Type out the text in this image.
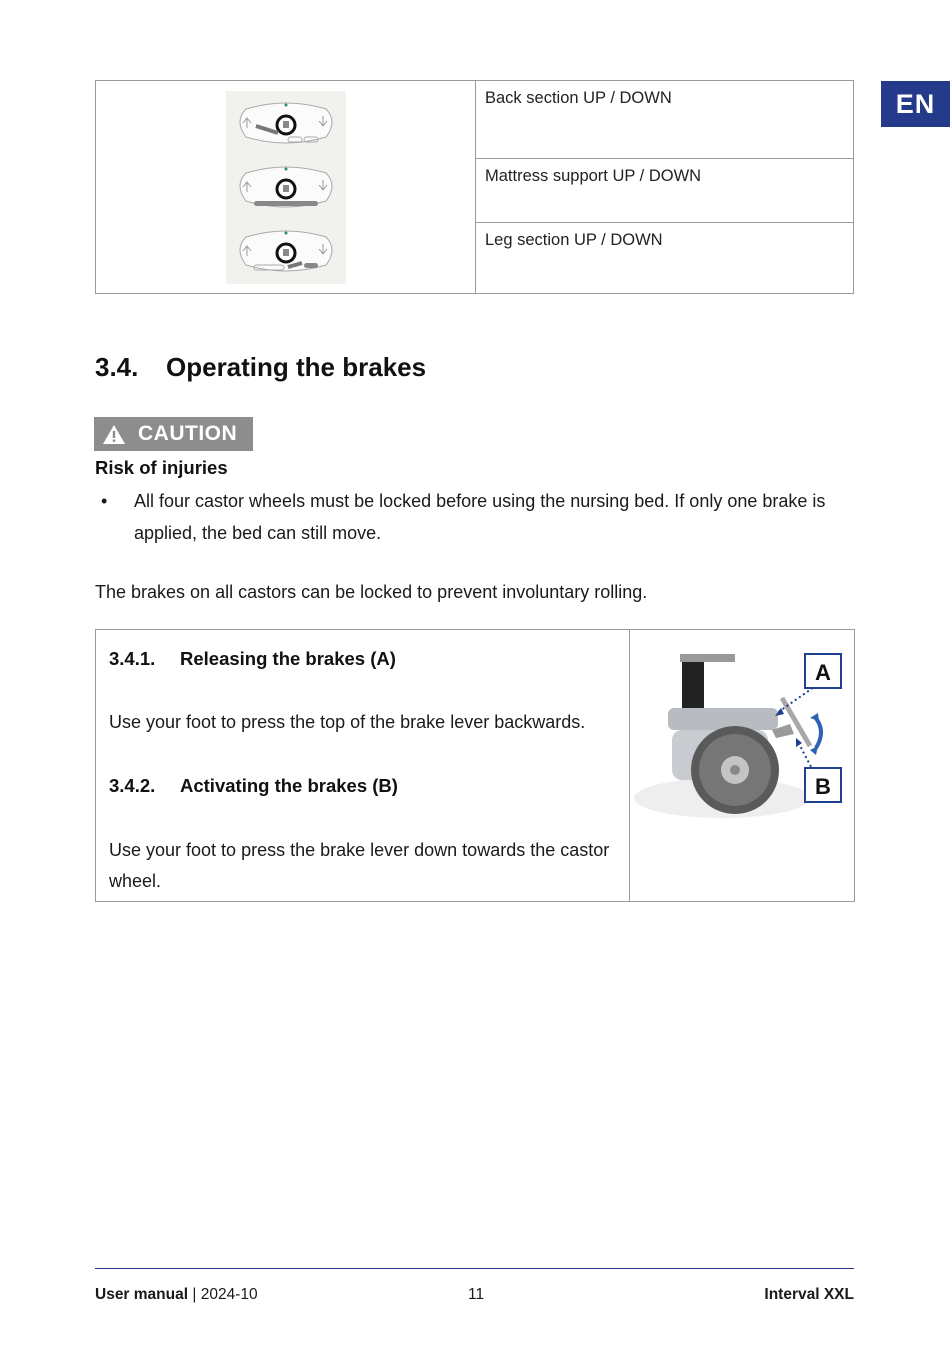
EN
Back section UP / DOWN
Mattress support UP / DOWN
Leg section UP / DOWN
3.4. Operating the brakes
CAUTION
Risk of injuries
• All four castor wheels must be locked before using the nursing bed. If only one brake is applied, the bed can still move.
The brakes on all castors can be locked to prevent involuntary rolling.
3.4.1. Releasing the brakes (A)
Use your foot to press the top of the brake lever backwards.
3.4.2. Activating the brakes (B)
Use your foot to press the brake lever down towards the castor wheel.
A
B
User manual | 2024-10	11	Interval XXL
